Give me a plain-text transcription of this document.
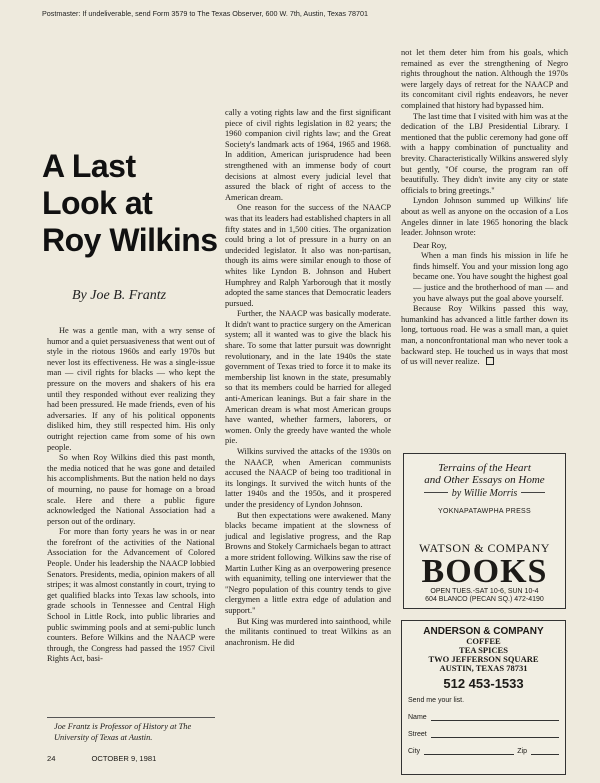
Postmaster: If undeliverable, send Form 3579 to The Texas Observer, 600 W. 7th, Austin, Texas 78701
A Last
Look at
Roy Wilkins
By Joe B. Frantz

He was a gentle man, with a wry sense of humor and a quiet persuasiveness that went out of style in the riotous 1960s and early 1970s but never lost its effectiveness. He was a single-issue man — civil rights for blacks — who kept the pressure on the movers and shakers of his era until they responded without ever realizing they had been pressured. He made friends, even of his adversaries. If any of his political opponents disliked him, they still respected him. His only outright rejection came from some of his own people.

So when Roy Wilkins died this past month, the media noticed that he was gone and detailed his accomplishments. But the nation held no days of mourning, no pause for homage on a broad scale. Here and there a public figure acknowledged the National Association had a person out of the ordinary.

For more than forty years he was in or near the forefront of the activities of the National Association for the Advancement of Colored People. Under his leadership the NAACP lobbied Senators. Presidents, media, opinion makers of all stripes; it was almost constantly in court, trying to get qualified blacks into Texas law schools, into grade schools in Tennessee and Central High School in Little Rock, into public libraries and public swimming pools and at semi-public lunch counters. Before Wilkins and the NAACP were through, the Congress had passed the 1957 Civil Rights Act, basi-

Joe Frantz is Professor of History at The University of Texas at Austin.
24	OCTOBER 9, 1981

cally a voting rights law and the first significant piece of civil rights legislation in 82 years; the 1960 companion civil rights law; and the Great Society's landmark acts of 1964, 1965 and 1968. In addition, American jurisprudence had been strengthened with an immense body of court decisions at almost every judicial level that assured the black of right of access to the American dream.

One reason for the success of the NAACP was that its leaders had established chapters in all fifty states and in 1,500 cities. The organization could bring a lot of pressure in a hurry on an undecided legislator. It also was non-partisan, though its aims were similar enough to those of whites like Lyndon B. Johnson and Hubert Humphrey and Ralph Yarborough that it mostly adopted the same stances that Democratic leaders pursued.

Further, the NAACP was basically moderate. It didn't want to practice surgery on the American system; all it wanted was to give the black his share. To some that latter pursuit was downright revolutionary, and in the late 1940s the state government of Texas tried to force it to make its membership list known in the state, presumably so that its members could be harried for alleged anti-American leanings. But a fair share in the American dream is what most American groups have wanted, whether farmers, laborers, or women. Only the greedy have wanted the whole pie.

Wilkins survived the attacks of the 1930s on the NAACP, when American communists accused the NAACP of being too traditional in its longings. It survived the witch hunts of the latter 1940s and the 1950s, and it prospered under the presidency of Lyndon Johnson.

But then expectations were awakened. Many blacks became impatient at the slowness of judical and legislative progress, and the Rap Browns and Stokely Carmichaels began to attract a more strident following. Wilkins saw the rise of Martin Luther King as an overpowering presence with equanimity, telling one interviewer that the "Negro population of this country tends to give clergymen a little extra edge of adulation and support."

But King was murdered into sainthood, while the militants continued to treat Wilkins as an anachronism. He did

not let them deter him from his goals, which remained as ever the strengthening of Negro rights throughout the nation. Although the 1970s were largely days of retreat for the NAACP and its concomitant civil rights endeavors, he never complained that history had bypassed him.

The last time that I visited with him was at the dedication of the LBJ Presidential Library. I mentioned that the public ceremony had gone off with a happy combination of punctuality and brevity. Characteristically Wilkins answered slyly but gently, "Of course, the program ran off beautifully. They didn't invite any city or state officials to bring greetings."

Lyndon Johnson summed up Wilkins' life about as well as anyone on the occasion of a Los Angeles dinner in late 1965 honoring the black leader. Johnson wrote:

Dear Roy,

When a man finds his mission in life he finds himself. You and your mission long ago became one. You have sought the highest goal — justice and the brotherhood of man — and you have always put the goal above yourself.

Because Roy Wilkins passed this way, humankind has advanced a little farther down its long, tortuous road. He was a small man, a quiet man, a nonconfrontational man who never took a backward step. He touched us in ways that most of us will never realize.

Terrains of the Heart
and Other Essays on Home
by Willie Morris
YOKNAPATAWPHA PRESS
WATSON & COMPANY
BOOKS
OPEN TUES.-SAT 10-6, SUN 10-4
604 BLANCO (PECAN SQ.) 472-4190
ANDERSON & COMPANY
COFFEE
TEA SPICES
TWO JEFFERSON SQUARE
AUSTIN, TEXAS 78731
512 453-1533
Send me your list.
Name
Street
City	Zip
